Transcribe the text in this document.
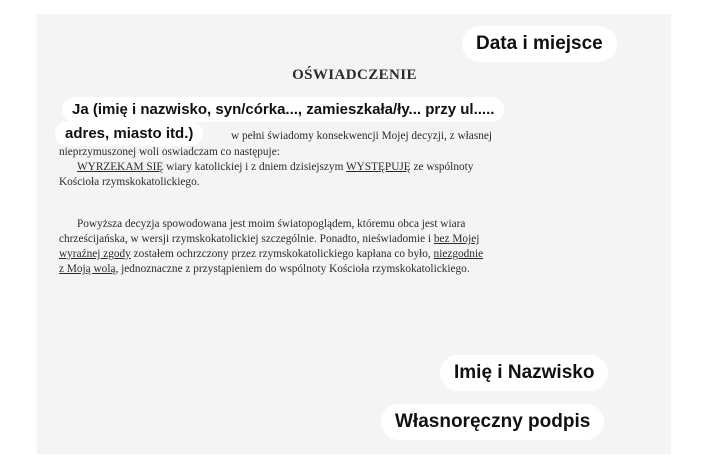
OŚWIADCZENIE
Data i miejsce
Ja (imię i nazwisko, syn/córka..., zamieszkała/ły... przy ul.....
adres, miasto itd.)	w pełni świadomy konsekwencji Mojej decyzji, z własnej
nieprzymuszonej woli oswiadczam co następuje:
WYRZEKAM SIĘ wiary katolickiej i z dniem dzisiejszym WYSTĘPUJĘ ze wspólnoty
Kościoła rzymskokatolickiego.
Powyższa decyzja spowodowana jest moim światopoglądem, któremu obca jest wiara
chrześcijańska, w wersji rzymskokatolickiej szczególnie. Ponadto, nieświadomie i bez Mojej
wyraźnej zgody zostałem ochrzczony przez rzymskokatolickiego kapłana co było, niezgodnie
z Moją wolą, jednoznaczne z przystąpieniem do wspólnoty Kościoła rzymskokatolickiego.
Imię i Nazwisko
Własnoręczny podpis
